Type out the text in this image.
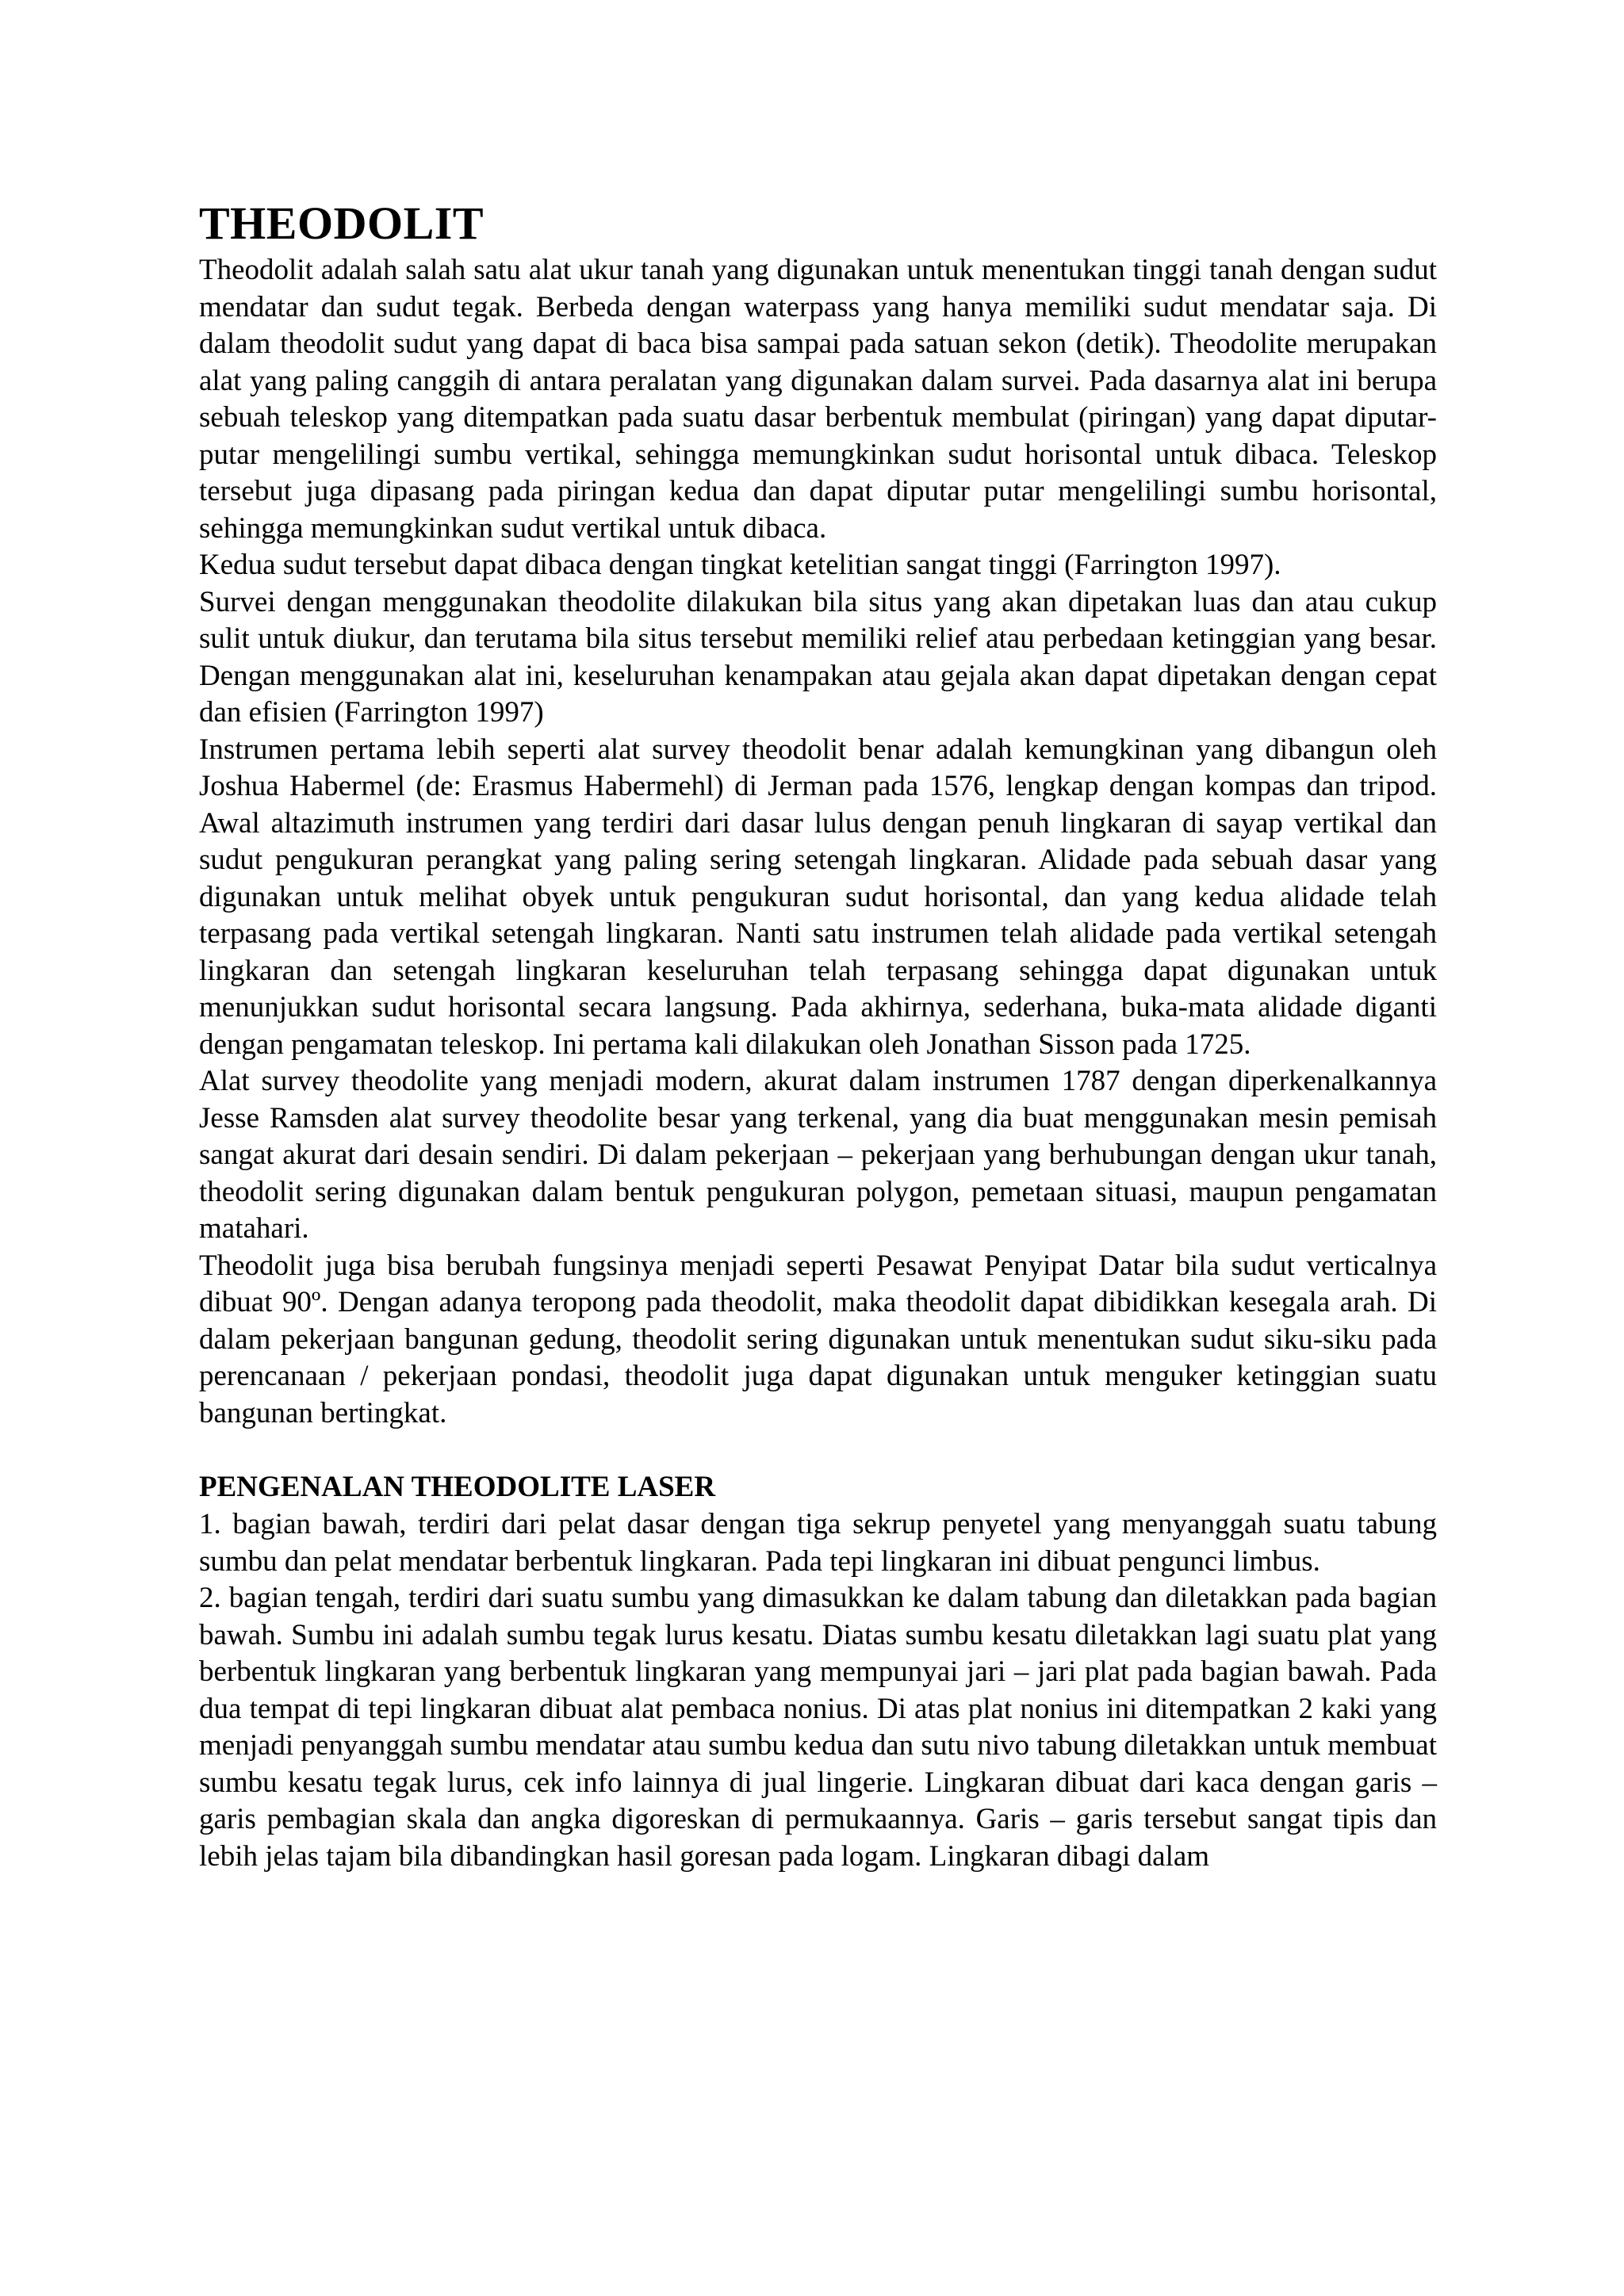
THEODOLIT

Theodolit adalah salah satu alat ukur tanah yang digunakan untuk menentukan tinggi tanah dengan sudut mendatar dan sudut tegak. Berbeda dengan waterpass yang hanya memiliki sudut mendatar saja. Di dalam theodolit sudut yang dapat di baca bisa sampai pada satuan sekon (detik). Theodolite merupakan alat yang paling canggih di antara peralatan yang digunakan dalam survei. Pada dasarnya alat ini berupa sebuah teleskop yang ditempatkan pada suatu dasar berbentuk membulat (piringan) yang dapat diputar-putar mengelilingi sumbu vertikal, sehingga memungkinkan sudut horisontal untuk dibaca. Teleskop tersebut juga dipasang pada piringan kedua dan dapat diputar putar mengelilingi sumbu horisontal, sehingga memungkinkan sudut vertikal untuk dibaca.

Kedua sudut tersebut dapat dibaca dengan tingkat ketelitian sangat tinggi (Farrington 1997).

Survei dengan menggunakan theodolite dilakukan bila situs yang akan dipetakan luas dan atau cukup sulit untuk diukur, dan terutama bila situs tersebut memiliki relief atau perbedaan ketinggian yang besar. Dengan menggunakan alat ini, keseluruhan kenampakan atau gejala akan dapat dipetakan dengan cepat dan efisien (Farrington 1997)

Instrumen pertama lebih seperti alat survey theodolit benar adalah kemungkinan yang dibangun oleh Joshua Habermel (de: Erasmus Habermehl) di Jerman pada 1576, lengkap dengan kompas dan tripod. Awal altazimuth instrumen yang terdiri dari dasar lulus dengan penuh lingkaran di sayap vertikal dan sudut pengukuran perangkat yang paling sering setengah lingkaran. Alidade pada sebuah dasar yang digunakan untuk melihat obyek untuk pengukuran sudut horisontal, dan yang kedua alidade telah terpasang pada vertikal setengah lingkaran. Nanti satu instrumen telah alidade pada vertikal setengah lingkaran dan setengah lingkaran keseluruhan telah terpasang sehingga dapat digunakan untuk menunjukkan sudut horisontal secara langsung. Pada akhirnya, sederhana, buka-mata alidade diganti dengan pengamatan teleskop. Ini pertama kali dilakukan oleh Jonathan Sisson pada 1725.

Alat survey theodolite yang menjadi modern, akurat dalam instrumen 1787 dengan diperkenalkannya Jesse Ramsden alat survey theodolite besar yang terkenal, yang dia buat menggunakan mesin pemisah sangat akurat dari desain sendiri. Di dalam pekerjaan – pekerjaan yang berhubungan dengan ukur tanah, theodolit sering digunakan dalam bentuk pengukuran polygon, pemetaan situasi, maupun pengamatan matahari.

Theodolit juga bisa berubah fungsinya menjadi seperti Pesawat Penyipat Datar bila sudut verticalnya dibuat 90º. Dengan adanya teropong pada theodolit, maka theodolit dapat dibidikkan kesegala arah. Di dalam pekerjaan bangunan gedung, theodolit sering digunakan untuk menentukan sudut siku-siku pada perencanaan / pekerjaan pondasi, theodolit juga dapat digunakan untuk menguker ketinggian suatu bangunan bertingkat.

PENGENALAN THEODOLITE LASER

1. bagian bawah, terdiri dari pelat dasar dengan tiga sekrup penyetel yang menyanggah suatu tabung sumbu dan pelat mendatar berbentuk lingkaran. Pada tepi lingkaran ini dibuat pengunci limbus.

2. bagian tengah, terdiri dari suatu sumbu yang dimasukkan ke dalam tabung dan diletakkan pada bagian bawah. Sumbu ini adalah sumbu tegak lurus kesatu. Diatas sumbu kesatu diletakkan lagi suatu plat yang berbentuk lingkaran yang berbentuk lingkaran yang mempunyai jari – jari plat pada bagian bawah. Pada dua tempat di tepi lingkaran dibuat alat pembaca nonius. Di atas plat nonius ini ditempatkan 2 kaki yang menjadi penyanggah sumbu mendatar atau sumbu kedua dan sutu nivo tabung diletakkan untuk membuat sumbu kesatu tegak lurus, cek info lainnya di jual lingerie. Lingkaran dibuat dari kaca dengan garis – garis pembagian skala dan angka digoreskan di permukaannya. Garis – garis tersebut sangat tipis dan lebih jelas tajam bila dibandingkan hasil goresan pada logam. Lingkaran dibagi dalam
